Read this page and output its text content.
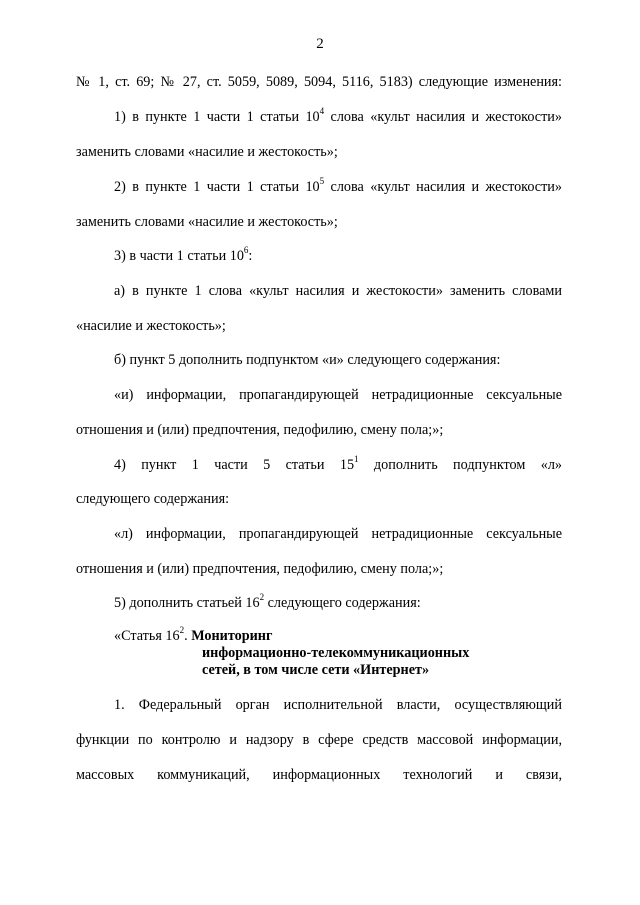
2
№ 1, ст. 69; № 27, ст. 5059, 5089, 5094, 5116, 5183) следующие изменения:
1) в пункте 1 части 1 статьи $10^4$ слова «культ насилия и жестокости»
заменить словами «насилие и жестокость»;
2) в пункте 1 части 1 статьи $10^5$ слова «культ насилия и жестокости»
заменить словами «насилие и жестокость»;
3) в части 1 статьи $10^6$:
а) в пункте 1 слова «культ насилия и жестокости» заменить словами
«насилие и жестокость»;
б) пункт 5 дополнить подпунктом «и» следующего содержания:
«и) информации, пропагандирующей нетрадиционные сексуальные
отношения и (или) предпочтения, педофилию, смену пола;»;
4) пункт 1 части 5 статьи $15^1$ дополнить подпунктом «л»
следующего содержания:
«л) информации, пропагандирующей нетрадиционные сексуальные
отношения и (или) предпочтения, педофилию, смену пола;»;
5) дополнить статьей $16^2$ следующего содержания:
«Статья $16^2$. Мониторинг
информационно-телекоммуникационных
сетей, в том числе сети «Интернет»
1. Федеральный орган исполнительной власти, осуществляющий
функции по контролю и надзору в сфере средств массовой информации,
массовых коммуникаций, информационных технологий и связи,
